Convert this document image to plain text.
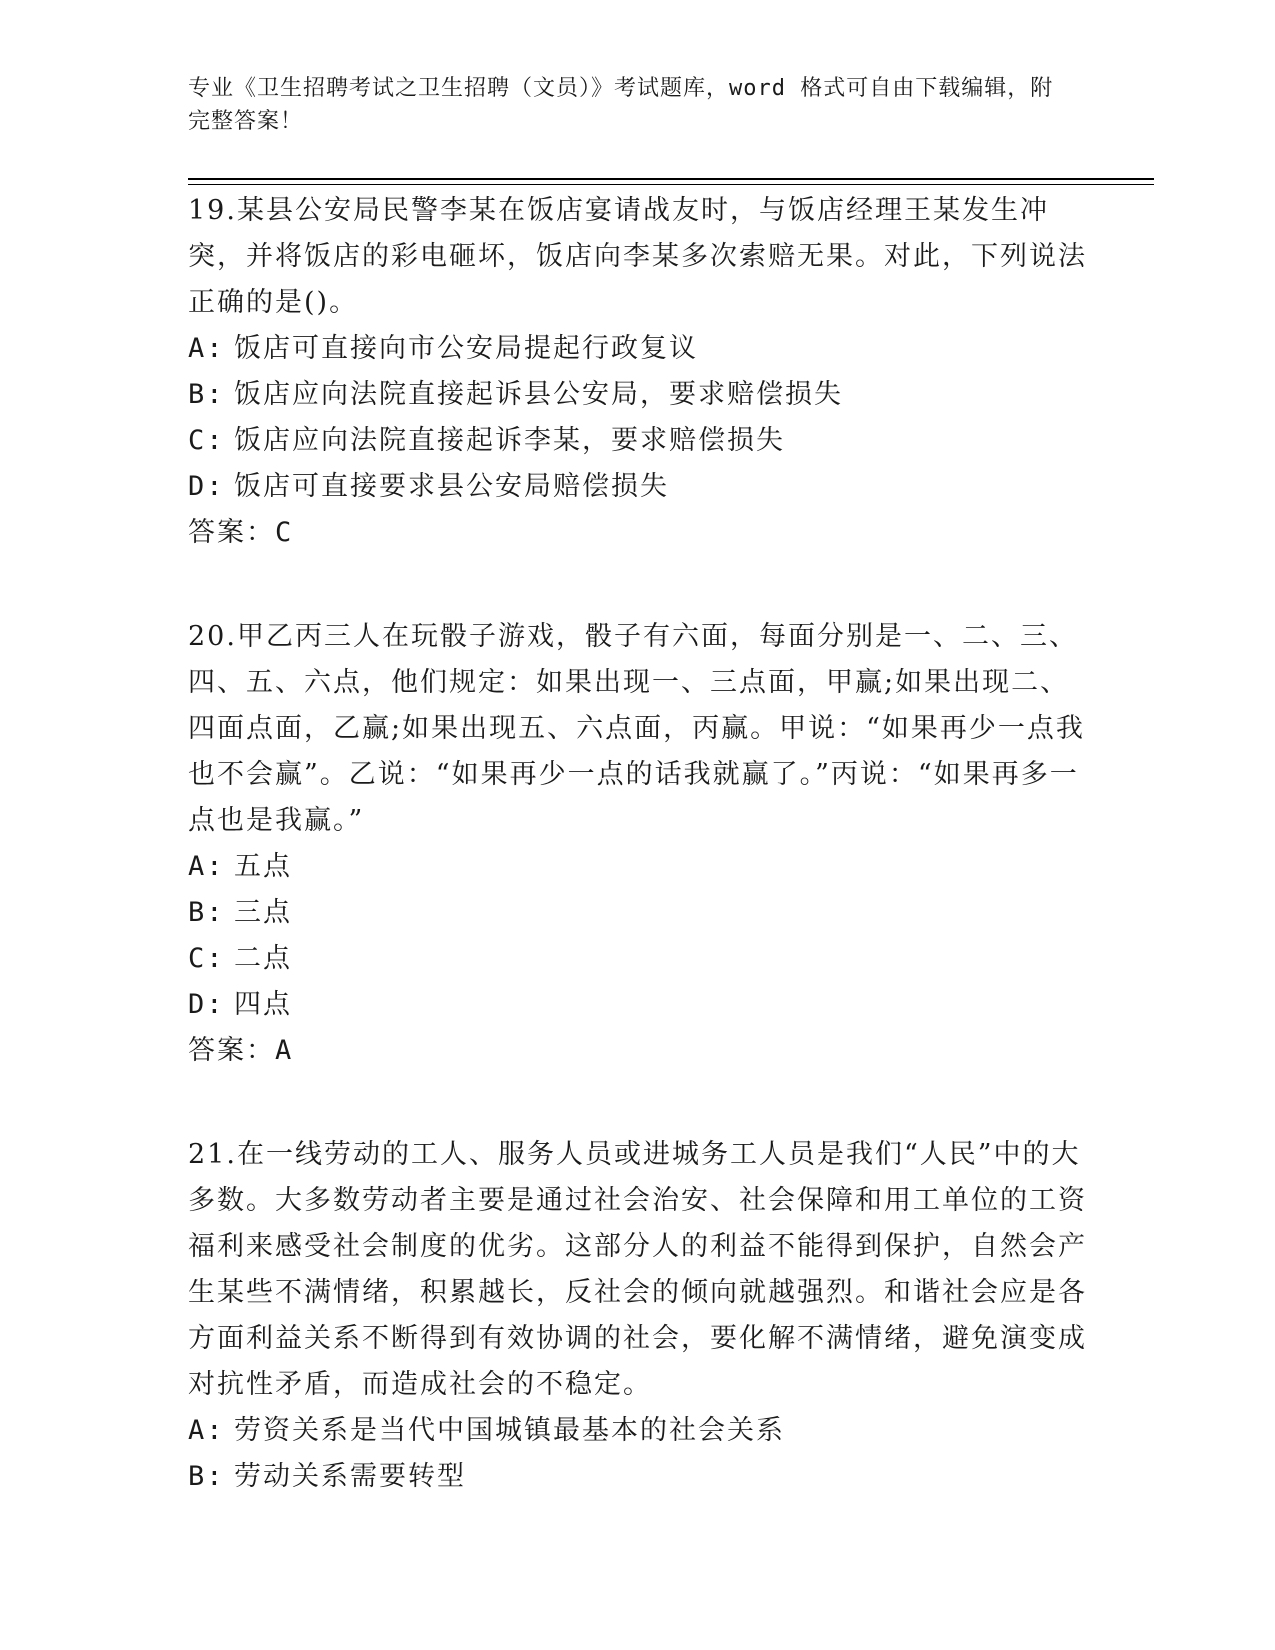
专业《卫生招聘考试之卫生招聘（文员）》考试题库，word 格式可自由下载编辑，附完整答案！

19.某县公安局民警李某在饭店宴请战友时，与饭店经理王某发生冲突，并将饭店的彩电砸坏，饭店向李某多次索赔无果。对此，下列说法正确的是()。

A: 饭店可直接向市公安局提起行政复议

B: 饭店应向法院直接起诉县公安局，要求赔偿损失

C: 饭店应向法院直接起诉李某，要求赔偿损失

D: 饭店可直接要求县公安局赔偿损失

答案：C

20.甲乙丙三人在玩骰子游戏，骰子有六面，每面分别是一、二、三、四、五、六点，他们规定：如果出现一、三点面，甲赢;如果出现二、四面点面，乙赢;如果出现五、六点面，丙赢。甲说：“如果再少一点我也不会赢”。乙说：“如果再少一点的话我就赢了。”丙说：“如果再多一点也是我赢。”

A: 五点

B: 三点

C: 二点

D: 四点

答案：A

21.在一线劳动的工人、服务人员或进城务工人员是我们“人民”中的大多数。大多数劳动者主要是通过社会治安、社会保障和用工单位的工资福利来感受社会制度的优劣。这部分人的利益不能得到保护，自然会产生某些不满情绪，积累越长，反社会的倾向就越强烈。和谐社会应是各方面利益关系不断得到有效协调的社会，要化解不满情绪，避免演变成对抗性矛盾，而造成社会的不稳定。

A: 劳资关系是当代中国城镇最基本的社会关系

B: 劳动关系需要转型
